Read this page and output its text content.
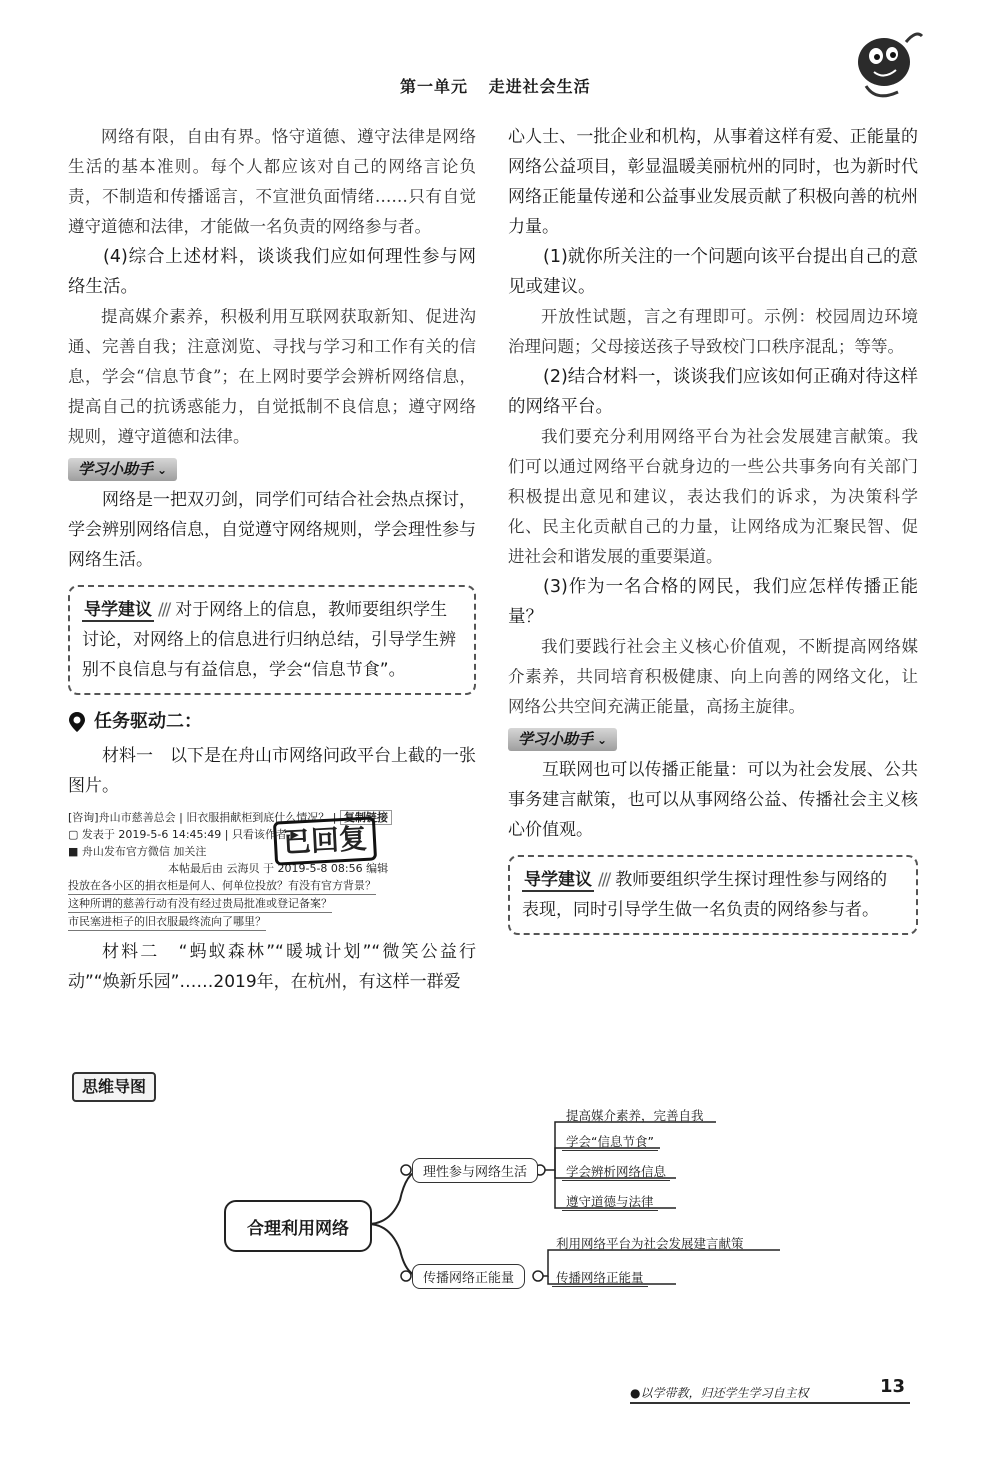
第一单元 走进社会生活

网络有限，自由有界。恪守道德、遵守法律是网络生活的基本准则。每个人都应该对自己的网络言论负责，不制造和传播谣言，不宣泄负面情绪……只有自觉遵守道德和法律，才能做一名负责的网络参与者。

(4)综合上述材料，谈谈我们应如何理性参与网络生活。

提高媒介素养，积极利用互联网获取新知、促进沟通、完善自我；注意浏览、寻找与学习和工作有关的信息，学会“信息节食”；在上网时要学会辨析网络信息，提高自己的抗诱惑能力，自觉抵制不良信息；遵守网络规则，遵守道德和法律。

学习小助手 ⌄

网络是一把双刃剑，同学们可结合社会热点探讨，学会辨别网络信息，自觉遵守网络规则，学会理性参与网络生活。

导学建议 /// 对于网络上的信息，教师要组织学生讨论，对网络上的信息进行归纳总结，引导学生辨别不良信息与有益信息，学会“信息节食”。
任务驱动二：

材料一　以下是在舟山市网络问政平台上截的一张图片。

[咨询]舟山市慈善总会 | 旧衣服捐献柜到底什么情况？ | 复制链接
▢ 发表于 2019-5-6 14:45:49 | 只看该作者 ▶
■ 舟山发布官方微信 加关注	已回复
本帖最后由 云海贝 于 2019-5-8 08:56 编辑
投放在各小区的捐衣柜是何人、何单位投放？有没有官方背景？
这种所谓的慈善行动有没有经过贵局批准或登记备案？
市民塞进柜子的旧衣服最终流向了哪里？

材料二　“蚂蚁森林”“暖城计划”“微笑公益行动”“焕新乐园”……2019年，在杭州，有这样一群爱

心人士、一批企业和机构，从事着这样有爱、正能量的网络公益项目，彰显温暖美丽杭州的同时，也为新时代网络正能量传递和公益事业发展贡献了积极向善的杭州力量。

(1)就你所关注的一个问题向该平台提出自己的意见或建议。

开放性试题，言之有理即可。示例：校园周边环境治理问题；父母接送孩子导致校门口秩序混乱；等等。

(2)结合材料一，谈谈我们应该如何正确对待这样的网络平台。

我们要充分利用网络平台为社会发展建言献策。我们可以通过网络平台就身边的一些公共事务向有关部门积极提出意见和建议，表达我们的诉求，为决策科学化、民主化贡献自己的力量，让网络成为汇聚民智、促进社会和谐发展的重要渠道。

(3)作为一名合格的网民，我们应怎样传播正能量？

我们要践行社会主义核心价值观，不断提高网络媒介素养，共同培育积极健康、向上向善的网络文化，让网络公共空间充满正能量，高扬主旋律。

学习小助手 ⌄

互联网也可以传播正能量：可以为社会发展、公共事务建言献策，也可以从事网络公益、传播社会主义核心价值观。

导学建议 /// 教师要组织学生探讨理性参与网络的表现，同时引导学生做一名负责的网络参与者。
思维导图
合理利用网络
理性参与网络生活
传播网络正能量
提高媒介素养，完善自我
学会“信息节食”
学会辨析网络信息
遵守道德与法律
利用网络平台为社会发展建言献策
传播网络正能量
●以学带教，归还学生学习自主权	13
